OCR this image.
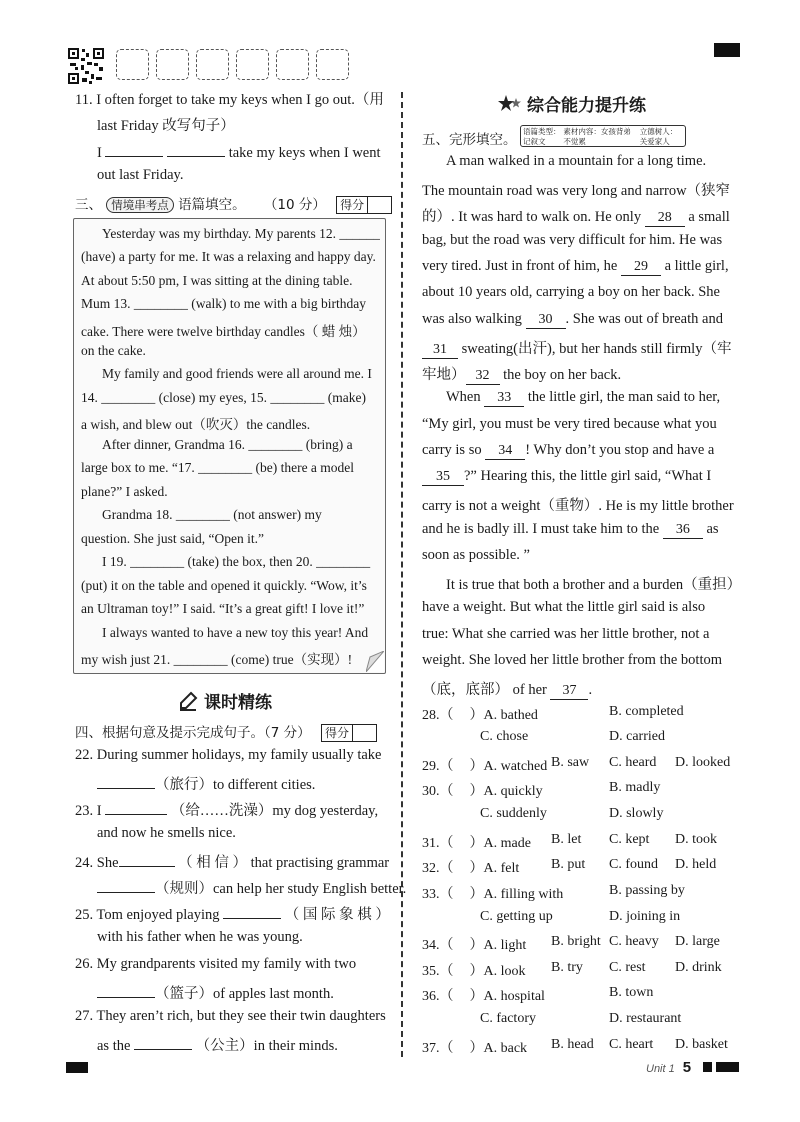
11. I often forget to take my keys when I go out.（用
last Friday 改写句子）
I	take my keys when I went
out last Friday.
三、 情境串考点 语篇填空。 （10 分） 得分
Yesterday was my birthday. My parents 12. ______
(have) a party for me. It was a relaxing and happy day.
At about 5:50 pm, I was sitting at the dining table.
Mum 13. ________ (walk) to me with a big birthday
cake. There were twelve birthday candles（ 蜡 烛）
on the cake.
My family and good friends were all around me. I
14. ________ (close) my eyes, 15. ________ (make)
a wish, and blew out（吹灭）the candles.
After dinner, Grandma 16. ________ (bring) a
large box to me. “17. ________ (be) there a model
plane?” I asked.
Grandma 18. ________ (not answer) my
question. She just said, “Open it.”
I 19. ________ (take) the box, then 20. ________
(put) it on the table and opened it quickly. “Wow, it’s
an Ultraman toy!” I said. “It’s a great gift! I love it!”
I always wanted to have a new toy this year! And
my wish just 21. ________ (come) true（实现）!
课时精练
四、根据句意及提示完成句子。（7 分） 得分
22. During summer holidays, my family usually take
（旅行）to different cities.
23. I	（给……洗澡）my dog yesterday,
and now he smells nice.
24. She	（ 相 信 ） that practising grammar
（规则）can help her study English better.
25. Tom enjoyed playing	（ 国 际 象 棋 ）
with his father when he was young.
26. My grandparents visited my family with two
（篮子）of apples last month.
27. They aren’t rich, but they see their twin daughters
as the	（公主）in their minds.
综合能力提升练
五、完形填空。
语篇类型：记叙文 素材内容：女孩背弟不觉累 立德树人：关爱家人
A man walked in a mountain for a long time.
The mountain road was very long and narrow（狭窄
的）. It was hard to walk on. He only 28 a small
bag, but the road was very difficult for him. He was
very tired. Just in front of him, he 29 a little girl,
about 10 years old, carrying a boy on her back. She
was also walking 30 . She was out of breath and
31 sweating(出汗), but her hands still firmly（牢
牢地） 32 the boy on her back.
When 33 the little girl, the man said to her,
“My girl, you must be very tired because what you
carry is so 34 ! Why don’t you stop and have a
35 ?” Hearing this, the little girl said, “What I
carry is not a weight（重物）. He is my little brother
and he is badly ill. I must take him to the 36 as
soon as possible. ”
It is true that both a brother and a burden（重担）
have a weight. But what the little girl said is also
true: What she carried was her little brother, not a
weight. She loved her little brother from the bottom
（底，底部） of her 37 .
28.（ ）A. bathed	B. completed
C. chose	D. carried
29.（ ）A. watched B. saw C. heard D. looked
30.（ ）A. quickly	B. madly
C. suddenly	D. slowly
31.（ ）A. made B. let C. kept D. took
32.（ ）A. felt B. put C. found D. held
33.（ ）A. filling with	B. passing by
C. getting up	D. joining in
34.（ ）A. light B. bright C. heavy D. large
35.（ ）A. look B. try C. rest D. drink
36.（ ）A. hospital	B. town
C. factory	D. restaurant
37.（ ）A. back B. head C. heart D. basket
Unit 1 5
